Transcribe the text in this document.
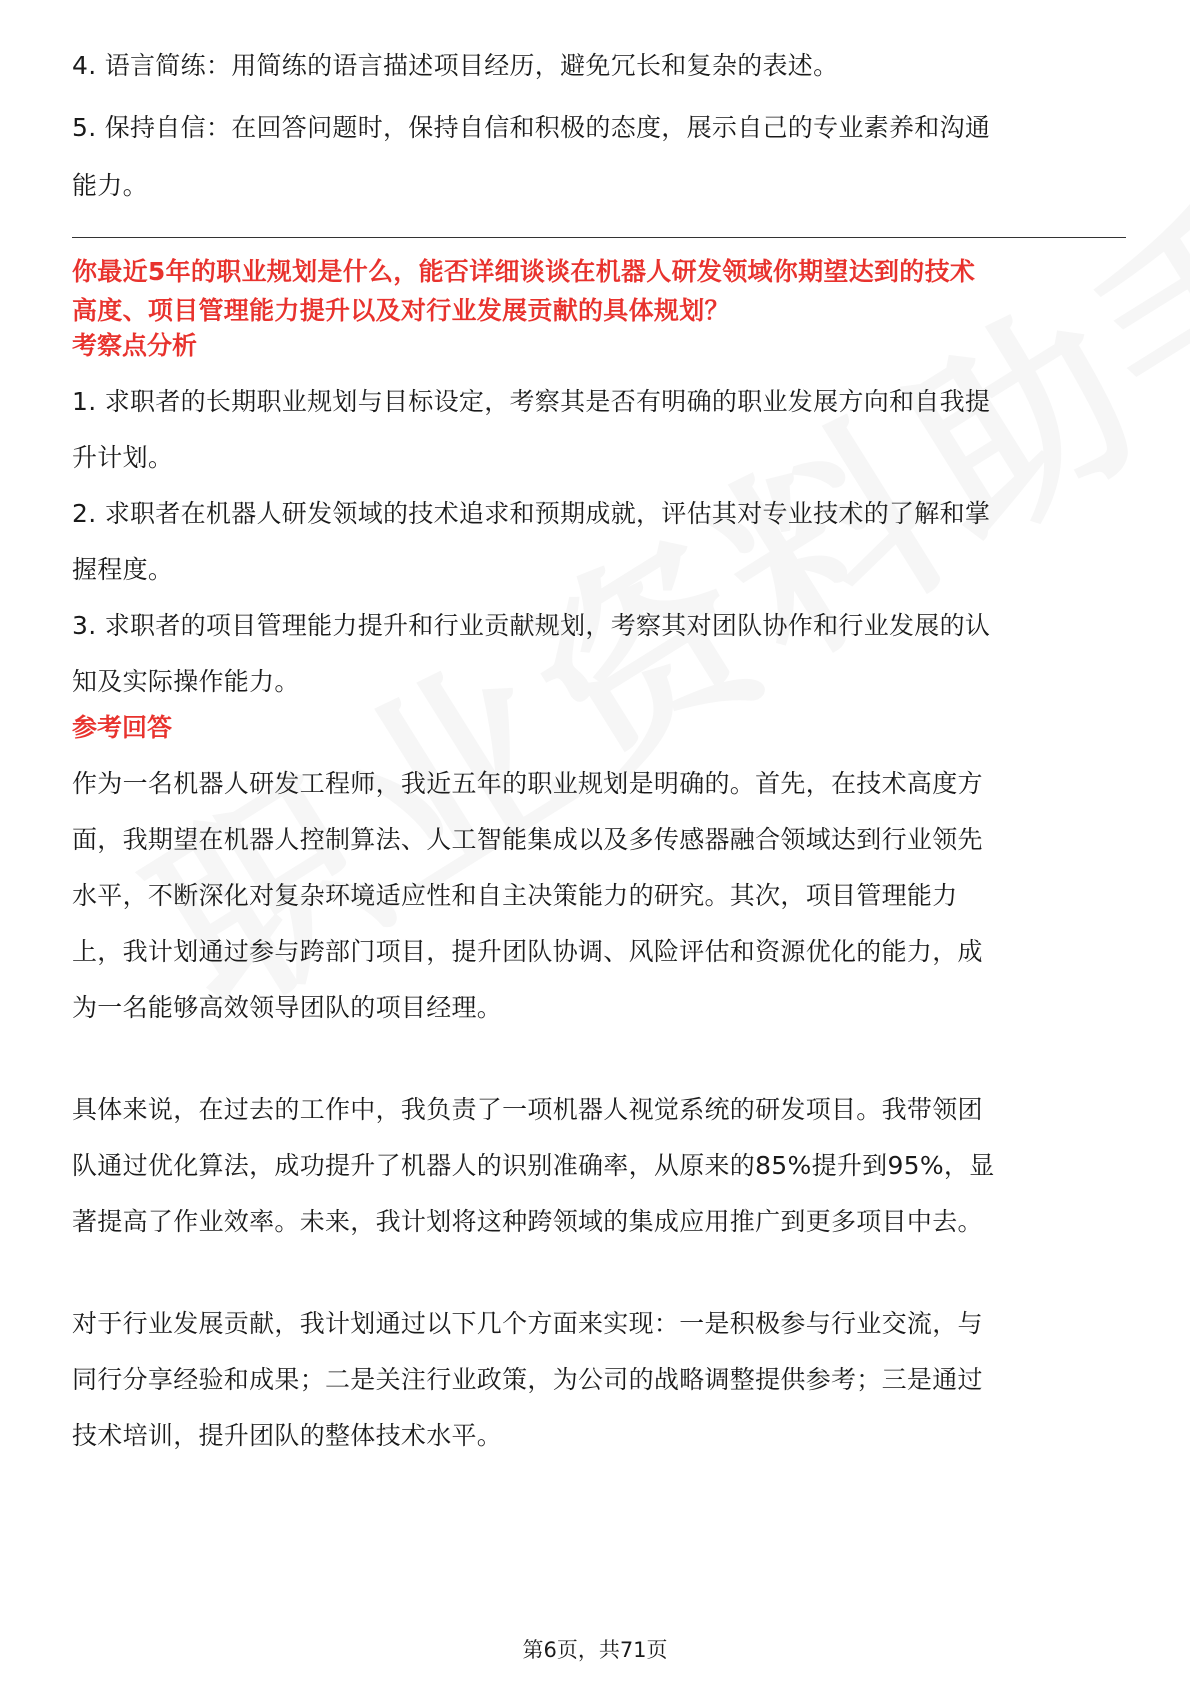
4. 语言简练：用简练的语言描述项目经历，避免冗长和复杂的表述。

5. 保持自信：在回答问题时，保持自信和积极的态度，展示自己的专业素养和沟通

能力。

你最近5年的职业规划是什么，能否详细谈谈在机器人研发领域你期望达到的技术

高度、项目管理能力提升以及对行业发展贡献的具体规划？

考察点分析

1. 求职者的长期职业规划与目标设定，考察其是否有明确的职业发展方向和自我提

升计划。

2. 求职者在机器人研发领域的技术追求和预期成就，评估其对专业技术的了解和掌

握程度。

3. 求职者的项目管理能力提升和行业贡献规划，考察其对团队协作和行业发展的认

知及实际操作能力。

参考回答

作为一名机器人研发工程师，我近五年的职业规划是明确的。首先，在技术高度方

面，我期望在机器人控制算法、人工智能集成以及多传感器融合领域达到行业领先

水平，不断深化对复杂环境适应性和自主决策能力的研究。其次，项目管理能力

上，我计划通过参与跨部门项目，提升团队协调、风险评估和资源优化的能力，成

为一名能够高效领导团队的项目经理。

具体来说，在过去的工作中，我负责了一项机器人视觉系统的研发项目。我带领团

队通过优化算法，成功提升了机器人的识别准确率，从原来的85%提升到95%，显

著提高了作业效率。未来，我计划将这种跨领域的集成应用推广到更多项目中去。

对于行业发展贡献，我计划通过以下几个方面来实现：一是积极参与行业交流，与

同行分享经验和成果；二是关注行业政策，为公司的战略调整提供参考；三是通过

技术培训，提升团队的整体技术水平。

第6页，共71页
